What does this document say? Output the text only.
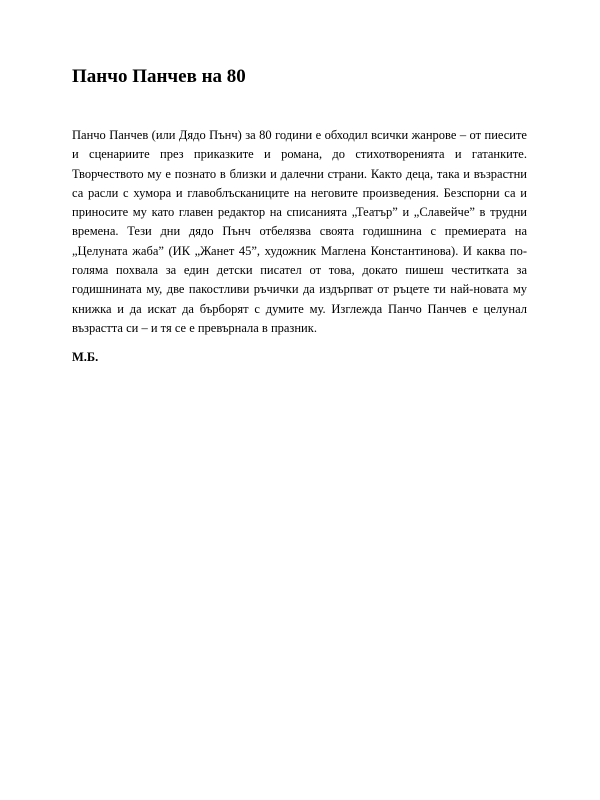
Панчо Панчев на 80

Панчо Панчев (или Дядо Пънч) за 80 години е обходил всички жанрове – от пиесите и сценариите през приказките и романа, до стихотворенията и гатанките. Творчеството му е познато в близки и далечни страни. Както деца, така и възрастни са расли с хумора и главоблъсканиците на неговите произведения. Безспорни са и приносите му като главен редактор на списанията „Театър” и „Славейче” в трудни времена. Тези дни дядо Пънч отбелязва своята годишнина с премиерата на „Целуната жаба” (ИК „Жанет 45”, художник Маглена Константинова). И каква по-голяма похвала за един детски писател от това, докато пишеш честитката за годишнината му, две пакостливи ръчички да издърпват от ръцете ти най-новата му книжка и да искат да бърборят с думите му. Изглежда Панчо Панчев е целунал възрастта си – и тя се е превърнала в празник.

М.Б.
